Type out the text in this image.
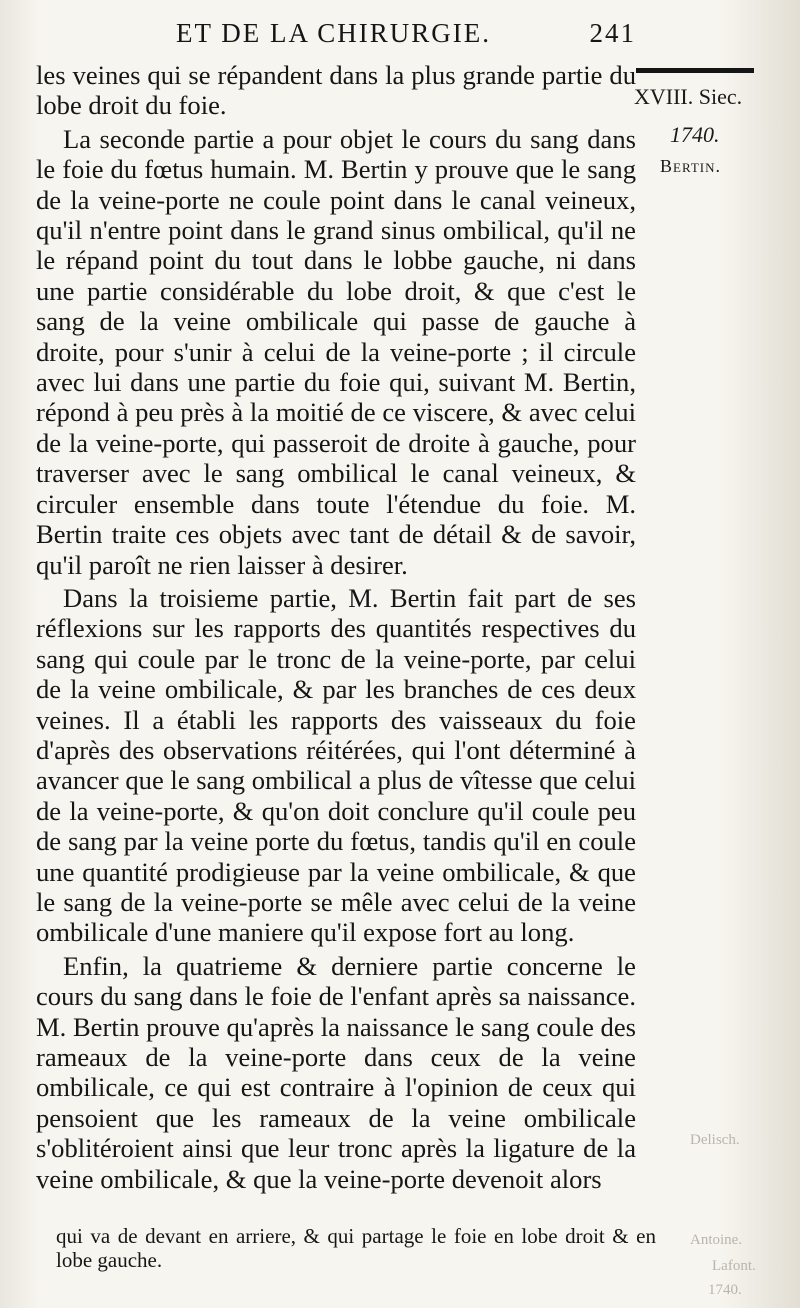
ET DE LA CHIRURGIE.	241
XVIII. Siec.
1740.
Bertin.
Delisch.
Antoine.
Lafont.
1740.

les veines qui se répandent dans la plus grande partie du lobe droit du foie.

La seconde partie a pour objet le cours du sang dans le foie du fœtus humain. M. Bertin y prouve que le sang de la veine-porte ne coule point dans le canal veineux, qu'il n'entre point dans le grand sinus ombilical, qu'il ne le répand point du tout dans le lobbe gauche, ni dans une partie considérable du lobe droit, & que c'est le sang de la veine ombilicale qui passe de gauche à droite, pour s'unir à celui de la veine-porte ; il circule avec lui dans une partie du foie qui, suivant M. Bertin, répond à peu près à la moitié de ce viscere, & avec celui de la veine-porte, qui passeroit de droite à gauche, pour traverser avec le sang ombilical le canal veineux, & circuler ensemble dans toute l'étendue du foie. M. Bertin traite ces objets avec tant de détail & de savoir, qu'il paroît ne rien laisser à desirer.

Dans la troisieme partie, M. Bertin fait part de ses réflexions sur les rapports des quantités respectives du sang qui coule par le tronc de la veine-porte, par celui de la veine ombilicale, & par les branches de ces deux veines. Il a établi les rapports des vaisseaux du foie d'après des observations réitérées, qui l'ont déterminé à avancer que le sang ombilical a plus de vîtesse que celui de la veine-porte, & qu'on doit conclure qu'il coule peu de sang par la veine porte du fœtus, tandis qu'il en coule une quantité prodigieuse par la veine ombilicale, & que le sang de la veine-porte se mêle avec celui de la veine ombilicale d'une maniere qu'il expose fort au long.

Enfin, la quatrieme & derniere partie concerne le cours du sang dans le foie de l'enfant après sa naissance. M. Bertin prouve qu'après la naissance le sang coule des rameaux de la veine-porte dans ceux de la veine ombilicale, ce qui est contraire à l'opinion de ceux qui pensoient que les rameaux de la veine ombilicale s'oblitéroient ainsi que leur tronc après la ligature de la veine ombilicale, & que la veine-porte devenoit alors

qui va de devant en arriere, & qui partage le foie en lobe droit & en lobe gauche.
